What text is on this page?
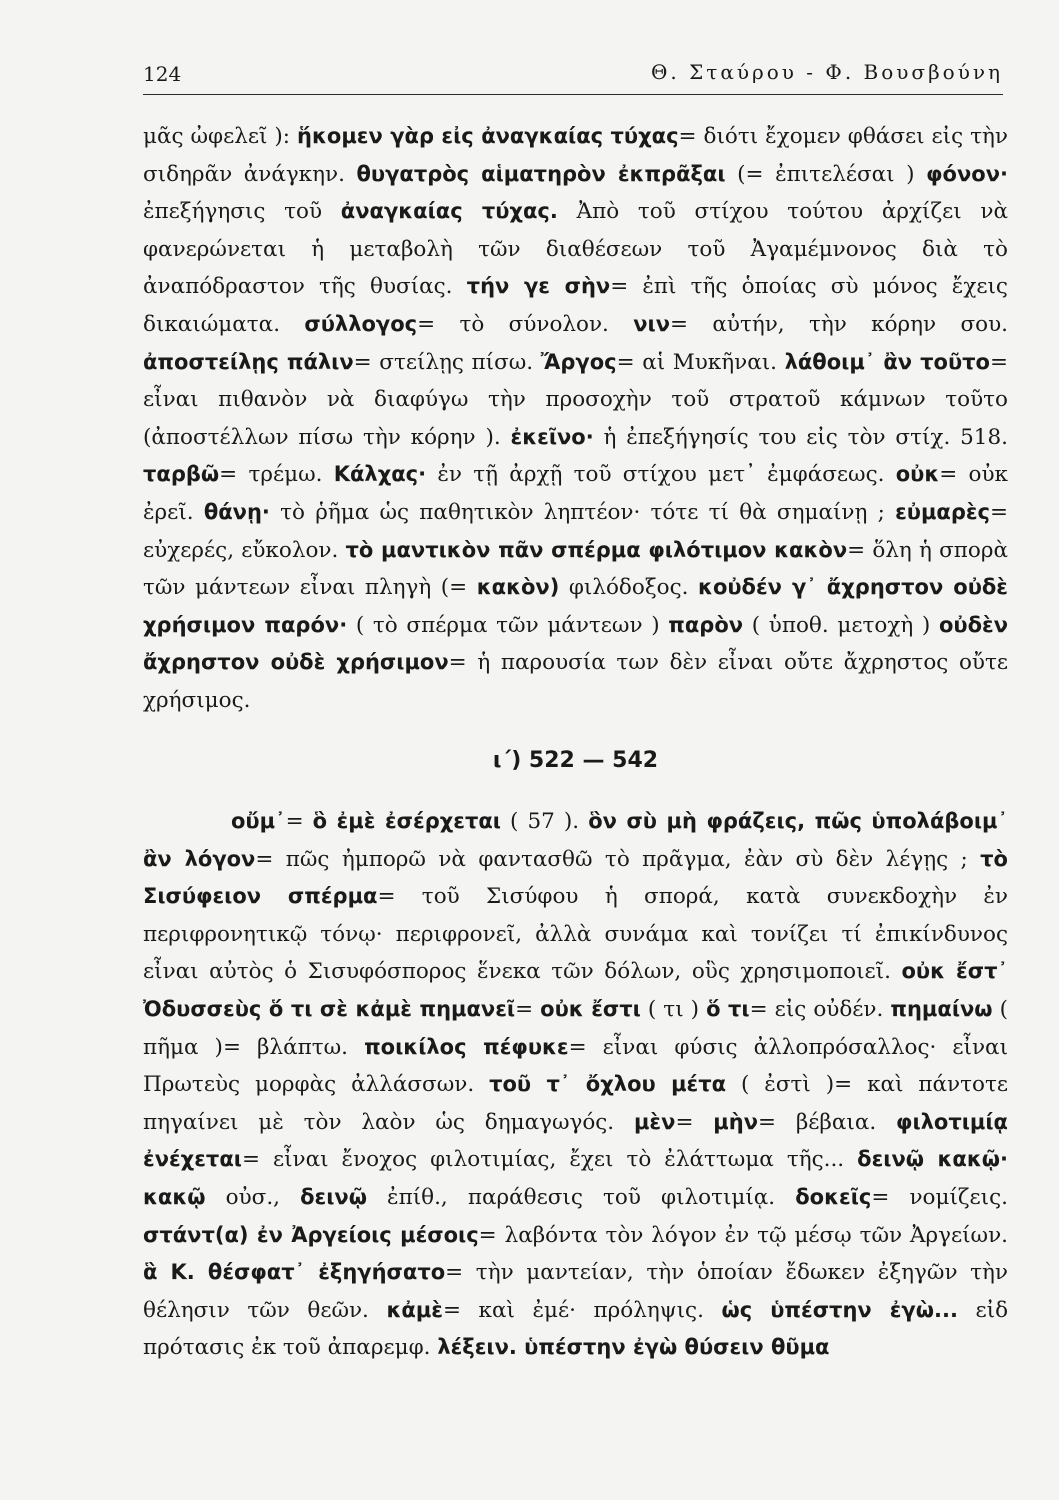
124	Θ. Σταύρου - Φ. Βουσβούνη

μᾶς ὠφελεῖ ): ἥκομεν γὰρ εἰς ἀναγκαίας τύχας= διότι ἔχομεν φθάσει εἰς τὴν σιδηρᾶν ἀνάγκην. θυγατρὸς αἱματηρὸν ἐκπρᾶξαι (= ἐπιτελέσαι ) φόνον· ἐπεξήγησις τοῦ ἀναγκαίας τύχας. Ἀπὸ τοῦ στίχου τούτου ἀρχίζει νὰ φανερώνεται ἡ μεταβολὴ τῶν διαθέσεων τοῦ Ἀγαμέμνονος διὰ τὸ ἀναπόδραστον τῆς θυσίας. τήν γε σὴν= ἐπὶ τῆς ὁποίας σὺ μόνος ἔχεις δικαιώματα. σύλλογος= τὸ σύνολον. νιν= αὐτήν, τὴν κόρην σου. ἀποστείλῃς πάλιν= στείλῃς πίσω. Ἄργος= αἱ Μυκῆναι. λάθοιμ᾽ ἂν τοῦτο= εἶναι πιθανὸν νὰ διαφύγω τὴν προσοχὴν τοῦ στρατοῦ κάμνων τοῦτο (ἀποστέλλων πίσω τὴν κόρην ). ἐκεῖνο· ἡ ἐπεξήγησίς του εἰς τὸν στίχ. 518. ταρβῶ= τρέμω. Κάλχας· ἐν τῇ ἀρχῇ τοῦ στίχου μετ᾽ ἐμφάσεως. οὐκ= οὐκ ἐρεῖ. θάνῃ· τὸ ῥῆμα ὡς παθητικὸν ληπτέον· τότε τί θὰ σημαίνῃ ; εὐμαρὲς= εὐχερές, εὔκολον. τὸ μαντικὸν πᾶν σπέρμα φιλότιμον κακὸν= ὅλη ἡ σπορὰ τῶν μάντεων εἶναι πληγὴ (= κακὸν) φιλόδοξος. κοὐδέν γ᾽ ἄχρηστον οὐδὲ χρήσιμον παρόν· ( τὸ σπέρμα τῶν μάντεων ) παρὸν ( ὑποθ. μετοχὴ ) οὐδὲν ἄχρηστον οὐδὲ χρήσιμον= ἡ παρουσία των δὲν εἶναι οὔτε ἄχρηστος οὔτε χρήσιμος.

ι΄) 522 — 542

οὔμ᾽= ὃ ἐμὲ ἐσέρχεται ( 57 ). ὃν σὺ μὴ φράζεις, πῶς ὑπολάβοιμ᾽ ἂν λόγον= πῶς ἠμπορῶ νὰ φαντασθῶ τὸ πρᾶγμα, ἐὰν σὺ δὲν λέγῃς ; τὸ Σισύφειον σπέρμα= τοῦ Σισύφου ἡ σπορά, κατὰ συνεκδοχὴν ἐν περιφρονητικῷ τόνῳ· περιφρονεῖ, ἀλλὰ συνάμα καὶ τονίζει τί ἐπικίνδυνος εἶναι αὐτὸς ὁ Σισυφόσπορος ἕνεκα τῶν δόλων, οὓς χρησιμοποιεῖ. οὐκ ἔστ᾽ Ὀδυσσεὺς ὅ τι σὲ κἀμὲ πημανεῖ= οὐκ ἔστι ( τι ) ὅ τι= εἰς οὐδέν. πημαίνω ( πῆμα )= βλάπτω. ποικίλος πέφυκε= εἶναι φύσις ἀλλοπρόσαλλος· εἶναι Πρωτεὺς μορφὰς ἀλλάσσων. τοῦ τ᾽ ὄχλου μέτα ( ἐστὶ )= καὶ πάντοτε πηγαίνει μὲ τὸν λαὸν ὡς δημαγωγός. μὲν= μὴν= βέβαια. φιλοτιμίᾳ ἐνέχεται= εἶναι ἔνοχος φιλοτιμίας, ἔχει τὸ ἐλάττωμα τῆς... δεινῷ κακῷ· κακῷ οὐσ., δεινῷ ἐπίθ., παράθεσις τοῦ φιλοτιμίᾳ. δοκεῖς= νομίζεις. στάντ(α) ἐν Ἀργείοις μέσοις= λαβόντα τὸν λόγον ἐν τῷ μέσῳ τῶν Ἀργείων. ἃ Κ. θέσφατ᾽ ἐξηγήσατο= τὴν μαντείαν, τὴν ὁποίαν ἔδωκεν ἐξηγῶν τὴν θέλησιν τῶν θεῶν. κἀμὲ= καὶ ἐμέ· πρόληψις. ὡς ὑπέστην ἐγὼ... εἰδ πρότασις ἐκ τοῦ ἀπαρεμφ. λέξειν. ὑπέστην ἐγὼ θύσειν θῦμα
